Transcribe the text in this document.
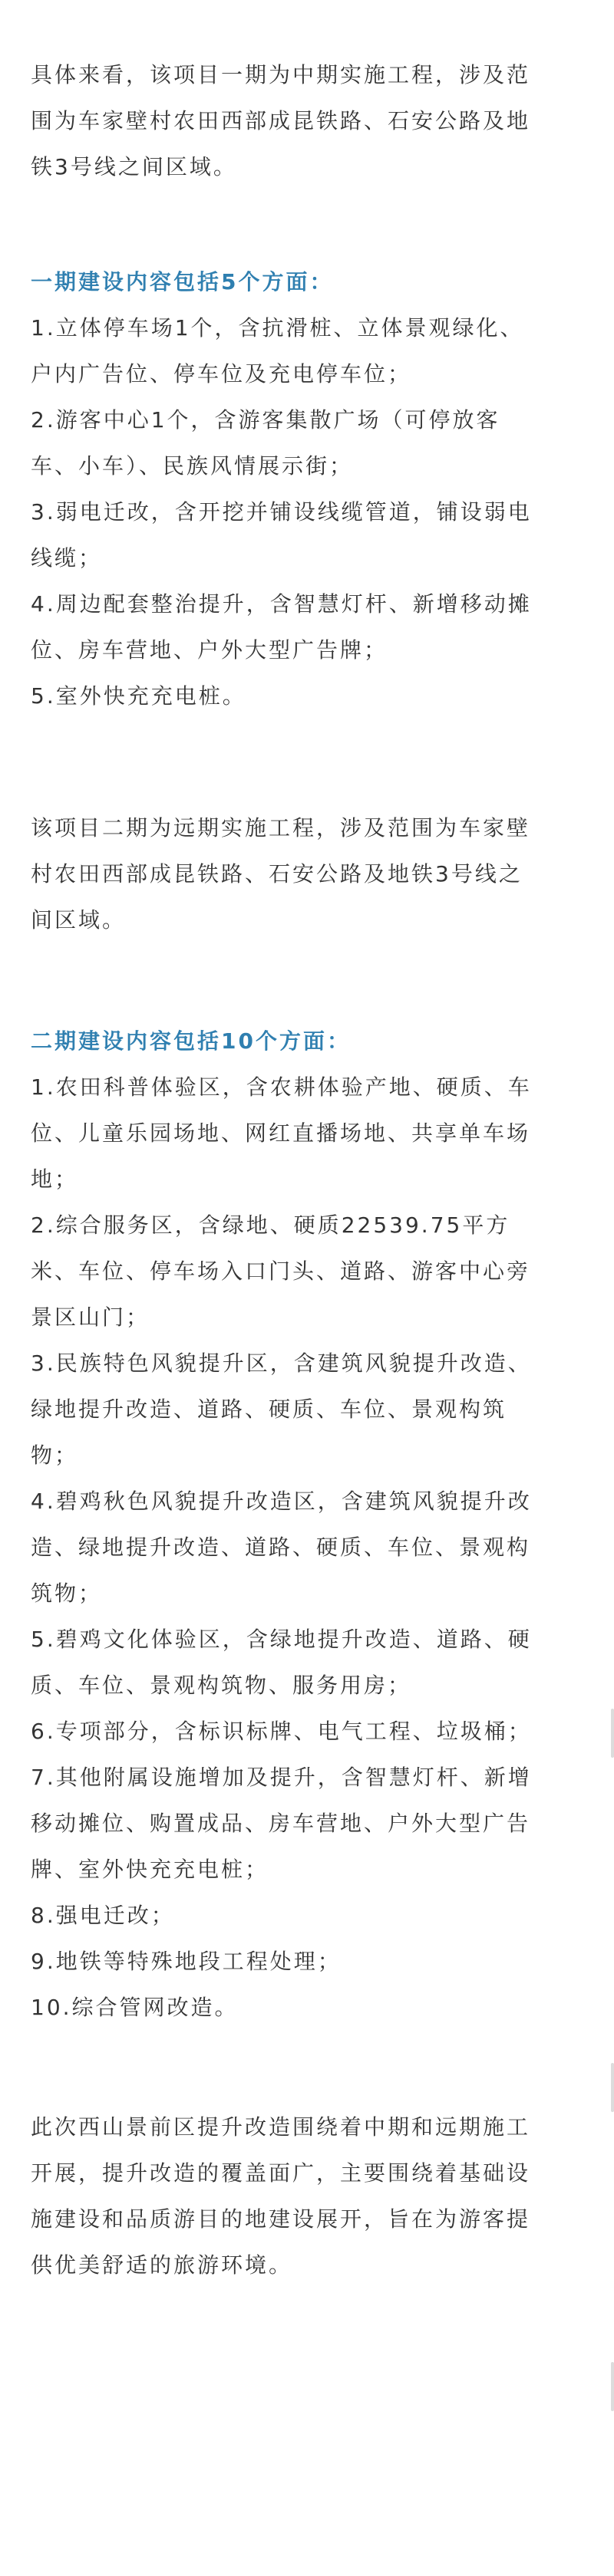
具体来看，该项目一期为中期实施工程，涉及范

围为车家壁村农田西部成昆铁路、石安公路及地

铁3号线之间区域。

一期建设内容包括5个方面：

1.立体停车场1个，含抗滑桩、立体景观绿化、

户内广告位、停车位及充电停车位；

2.游客中心1个，含游客集散广场（可停放客

车、小车）、民族风情展示街；

3.弱电迁改，含开挖并铺设线缆管道，铺设弱电

线缆；

4.周边配套整治提升，含智慧灯杆、新增移动摊

位、房车营地、户外大型广告牌；

5.室外快充充电桩。

该项目二期为远期实施工程，涉及范围为车家壁

村农田西部成昆铁路、石安公路及地铁3号线之

间区域。

二期建设内容包括10个方面：

1.农田科普体验区，含农耕体验产地、硬质、车

位、儿童乐园场地、网红直播场地、共享单车场

地；

2.综合服务区，含绿地、硬质22539.75平方

米、车位、停车场入口门头、道路、游客中心旁

景区山门；

3.民族特色风貌提升区，含建筑风貌提升改造、

绿地提升改造、道路、硬质、车位、景观构筑

物；

4.碧鸡秋色风貌提升改造区，含建筑风貌提升改

造、绿地提升改造、道路、硬质、车位、景观构

筑物；

5.碧鸡文化体验区，含绿地提升改造、道路、硬

质、车位、景观构筑物、服务用房；

6.专项部分，含标识标牌、电气工程、垃圾桶；

7.其他附属设施增加及提升，含智慧灯杆、新增

移动摊位、购置成品、房车营地、户外大型广告

牌、室外快充充电桩；

8.强电迁改；

9.地铁等特殊地段工程处理；

10.综合管网改造。

此次西山景前区提升改造围绕着中期和远期施工

开展，提升改造的覆盖面广，主要围绕着基础设

施建设和品质游目的地建设展开，旨在为游客提

供优美舒适的旅游环境。
